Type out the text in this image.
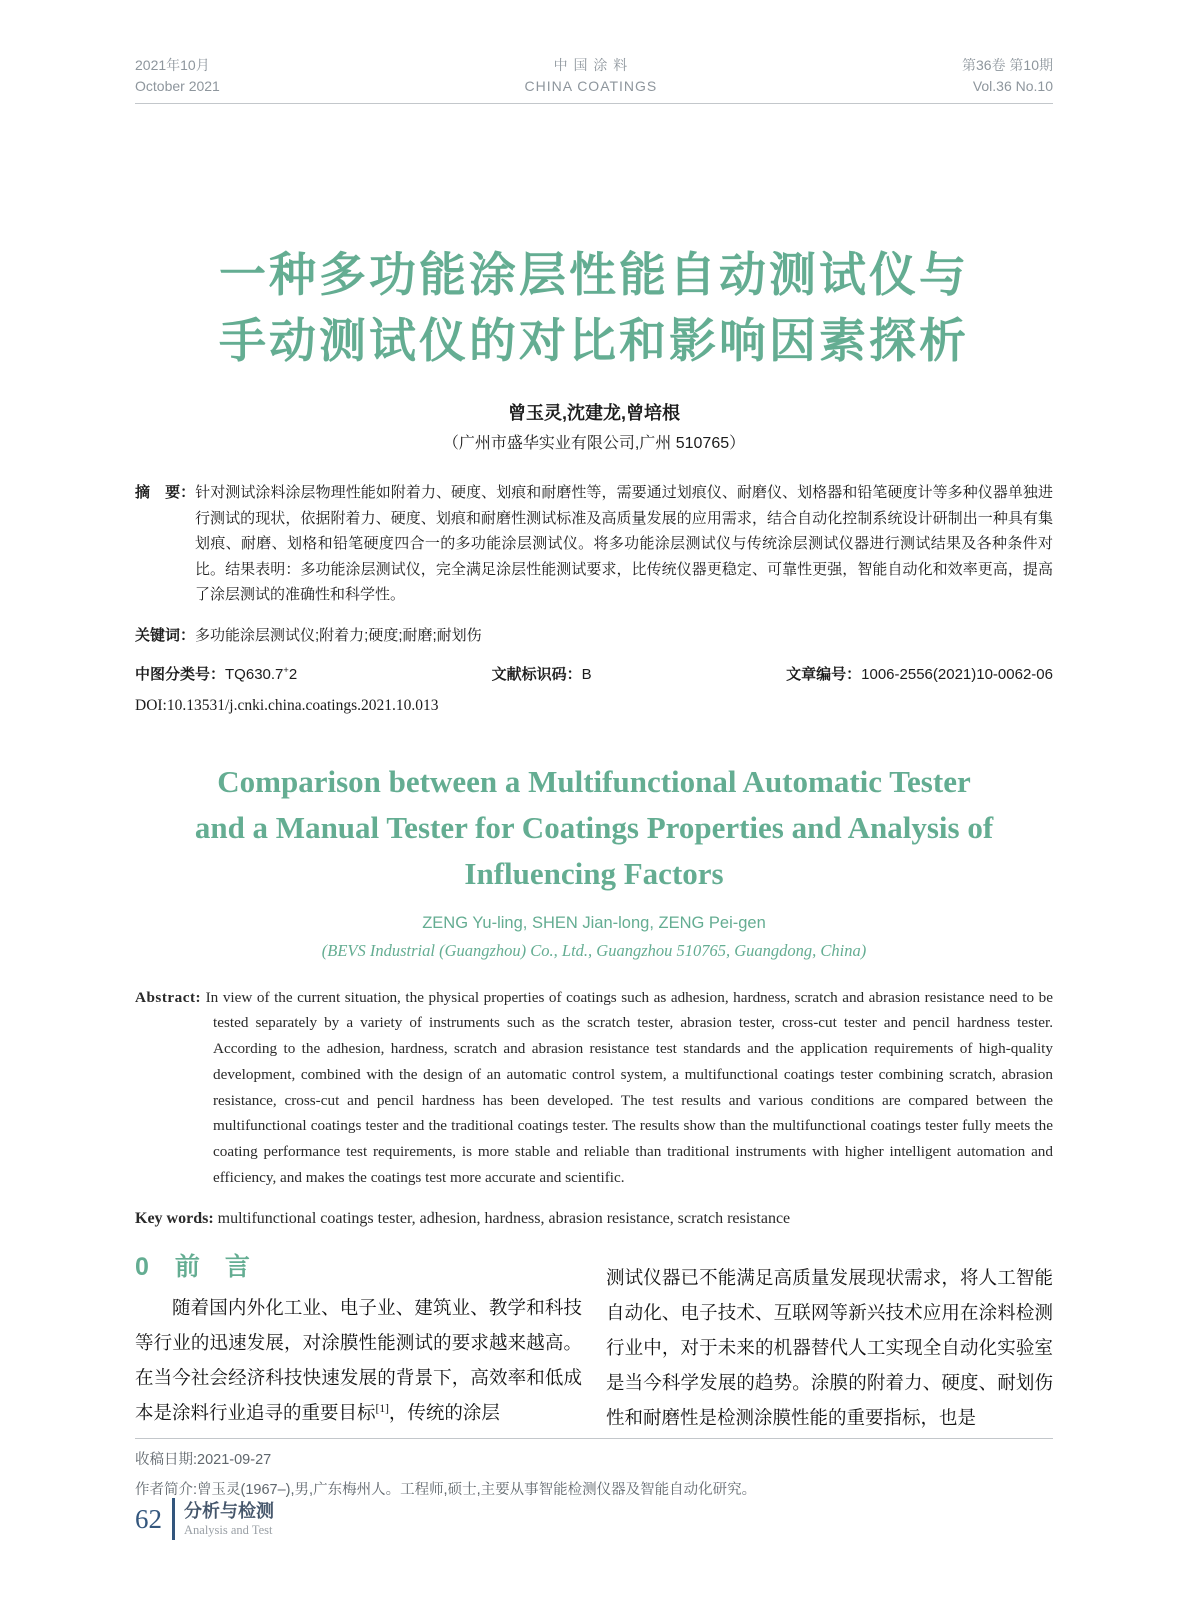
2021年10月
October 2021
中 国 涂 料
CHINA COATINGS
第36卷 第10期
Vol.36 No.10
一种多功能涂层性能自动测试仪与
手动测试仪的对比和影响因素探析
曾玉灵,沈建龙,曾培根
（广州市盛华实业有限公司,广州 510765）

摘　要：针对测试涂料涂层物理性能如附着力、硬度、划痕和耐磨性等，需要通过划痕仪、耐磨仪、划格器和铅笔硬度计等多种仪器单独进行测试的现状，依据附着力、硬度、划痕和耐磨性测试标准及高质量发展的应用需求，结合自动化控制系统设计研制出一种具有集划痕、耐磨、划格和铅笔硬度四合一的多功能涂层测试仪。将多功能涂层测试仪与传统涂层测试仪器进行测试结果及各种条件对比。结果表明：多功能涂层测试仪，完全满足涂层性能测试要求，比传统仪器更稳定、可靠性更强，智能自动化和效率更高，提高了涂层测试的准确性和科学性。

关键词：多功能涂层测试仪;附着力;硬度;耐磨;耐划伤

中图分类号：TQ630.7+2	文献标识码：B	文章编号：1006-2556(2021)10-0062-06
DOI:10.13531/j.cnki.china.coatings.2021.10.013
Comparison between a Multifunctional Automatic Tester
and a Manual Tester for Coatings Properties and Analysis of
Influencing Factors
ZENG Yu-ling, SHEN Jian-long, ZENG Pei-gen
(BEVS Industrial (Guangzhou) Co., Ltd., Guangzhou 510765, Guangdong, China)

Abstract: In view of the current situation, the physical properties of coatings such as adhesion, hardness, scratch and abrasion resistance need to be tested separately by a variety of instruments such as the scratch tester, abrasion tester, cross-cut tester and pencil hardness tester. According to the adhesion, hardness, scratch and abrasion resistance test standards and the application requirements of high-quality development, combined with the design of an automatic control system, a multifunctional coatings tester combining scratch, abrasion resistance, cross-cut and pencil hardness has been developed. The test results and various conditions are compared between the multifunctional coatings tester and the traditional coatings tester. The results show than the multifunctional coatings tester fully meets the coating performance test requirements, is more stable and reliable than traditional instruments with higher intelligent automation and efficiency, and makes the coatings test more accurate and scientific.

Key words: multifunctional coatings tester, adhesion, hardness, abrasion resistance, scratch resistance

0 前　言

随着国内外化工业、电子业、建筑业、教学和科技等行业的迅速发展，对涂膜性能测试的要求越来越高。在当今社会经济科技快速发展的背景下，高效率和低成本是涂料行业追寻的重要目标[1]，传统的涂层

测试仪器已不能满足高质量发展现状需求，将人工智能自动化、电子技术、互联网等新兴技术应用在涂料检测行业中，对于未来的机器替代人工实现全自动化实验室是当今科学发展的趋势。涂膜的附着力、硬度、耐划伤性和耐磨性是检测涂膜性能的重要指标，也是

收稿日期:2021-09-27
作者简介:曾玉灵(1967–),男,广东梅州人。工程师,硕士,主要从事智能检测仪器及智能自动化研究。
62 分析与检测
Analysis and Test
